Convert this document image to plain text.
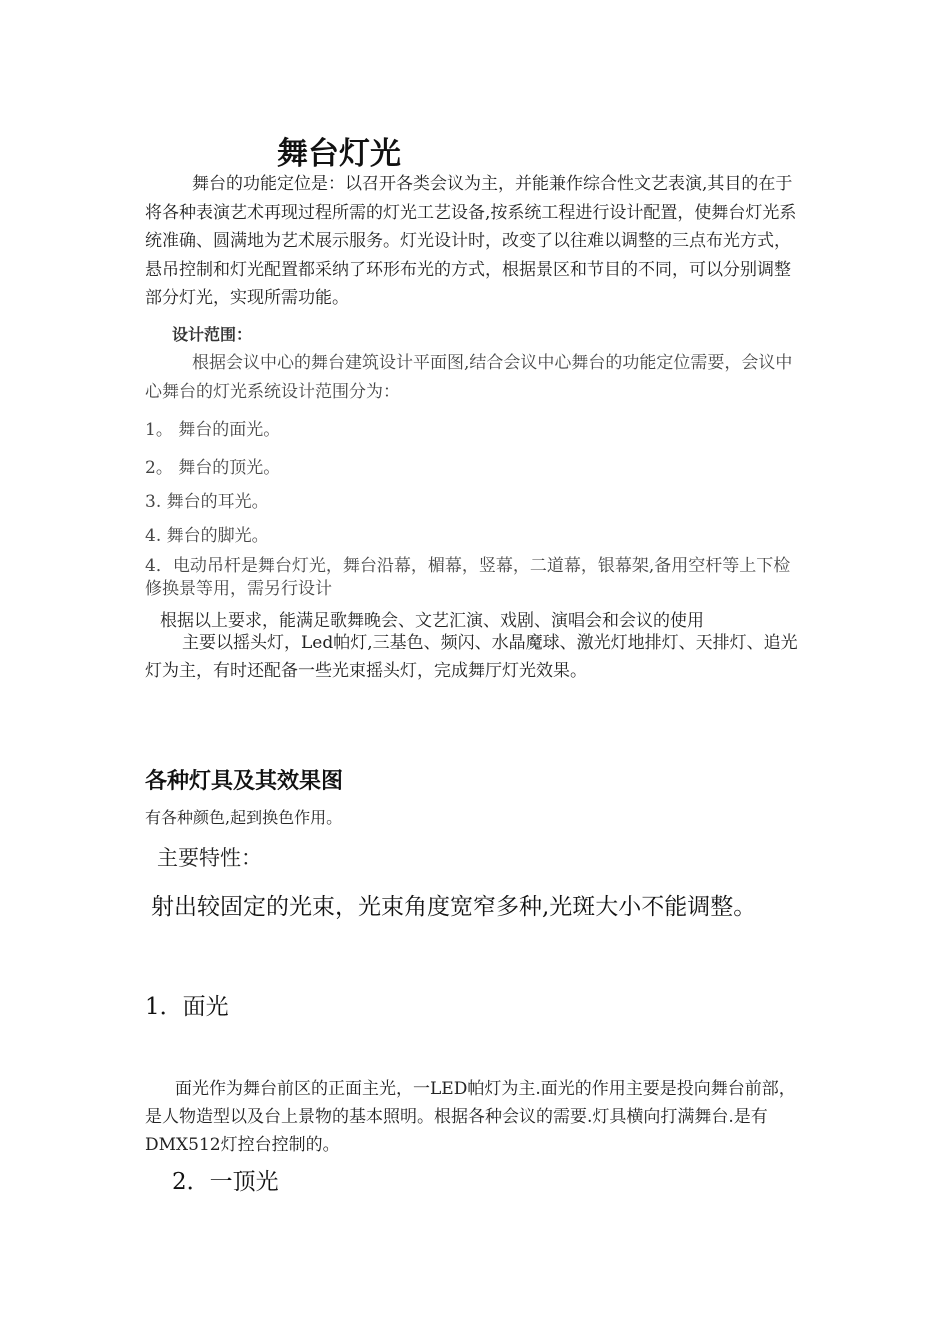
舞台灯光

舞台的功能定位是：以召开各类会议为主，并能兼作综合性文艺表演,其目的在于将各种表演艺术再现过程所需的灯光工艺设备,按系统工程进行设计配置，使舞台灯光系统准确、圆满地为艺术展示服务。灯光设计时，改变了以往难以调整的三点布光方式，悬吊控制和灯光配置都采纳了环形布光的方式，根据景区和节目的不同，可以分别调整部分灯光，实现所需功能。

设计范围：

根据会议中心的舞台建筑设计平面图,结合会议中心舞台的功能定位需要，会议中心舞台的灯光系统设计范围分为：

1。 舞台的面光。

2。 舞台的顶光。

3. 舞台的耳光。

4. 舞台的脚光。

4．电动吊杆是舞台灯光，舞台沿幕，楣幕，竖幕，二道幕，银幕架,备用空杆等上下检修换景等用，需另行设计

根据以上要求，能满足歌舞晚会、文艺汇演、戏剧、演唱会和会议的使用

主要以摇头灯，Led帕灯,三基色、频闪、水晶魔球、激光灯地排灯、天排灯、追光灯为主，有时还配备一些光束摇头灯，完成舞厅灯光效果。

各种灯具及其效果图

有各种颜色,起到换色作用。

主要特性：

射出较固定的光束，光束角度宽窄多种,光斑大小不能调整。

1．面光

面光作为舞台前区的正面主光，一LED帕灯为主.面光的作用主要是投向舞台前部，是人物造型以及台上景物的基本照明。根据各种会议的需要.灯具横向打满舞台.是有DMX512灯控台控制的。

2．一顶光
